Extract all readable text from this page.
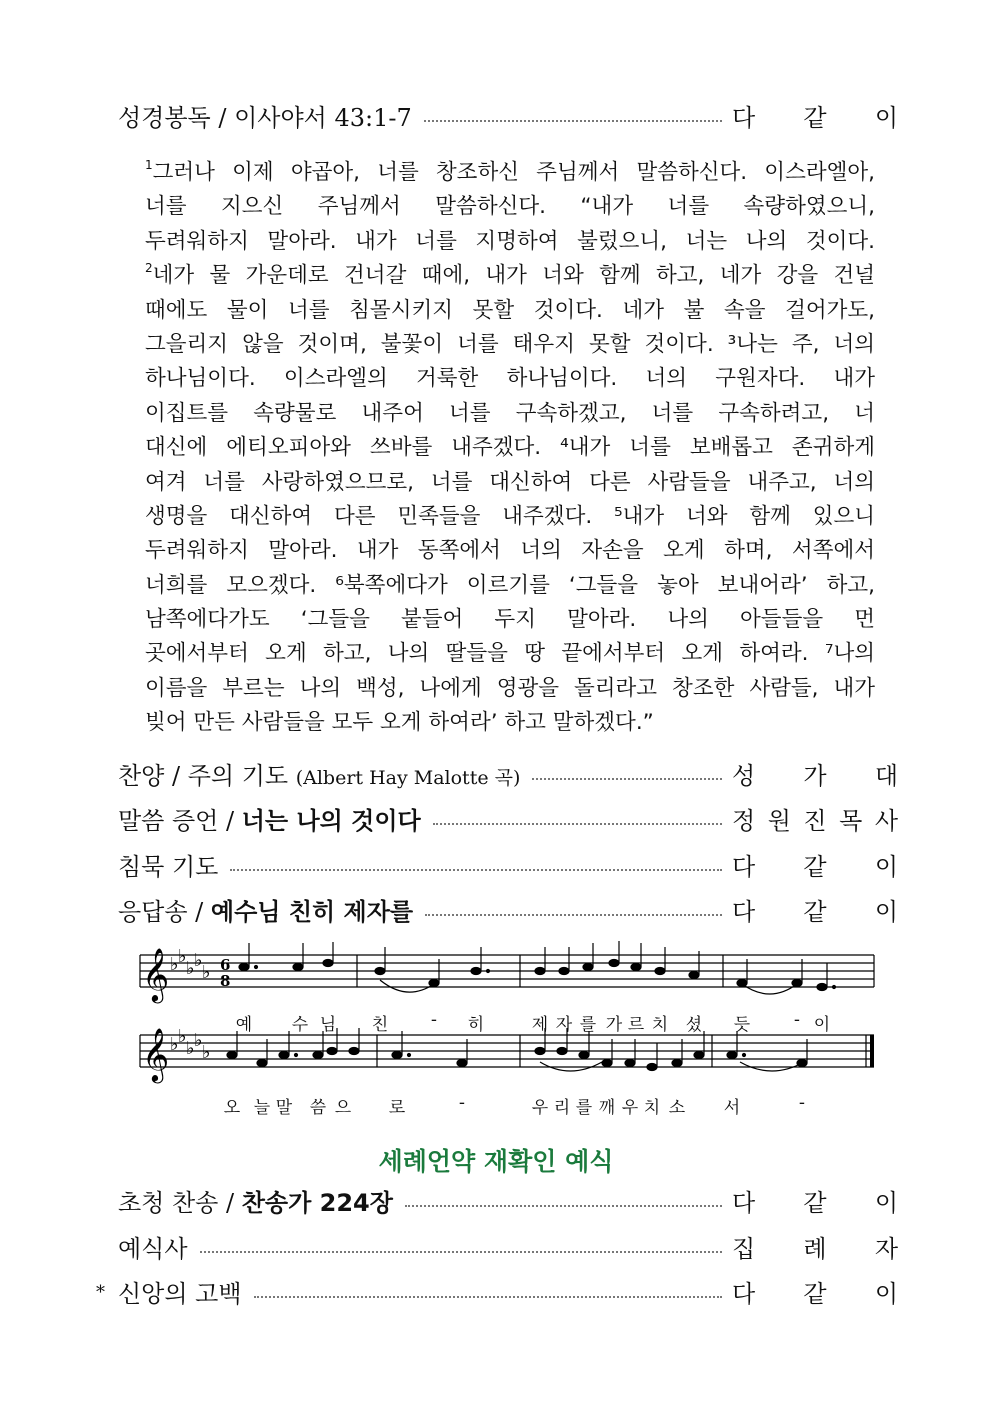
성경봉독 / 이사야서 43:1-7	다 같 이
$^1$그러나 이제 야곱아, 너를 창조하신 주님께서 말씀하신다. 이스라엘아,
너를 지으신 주님께서 말씀하신다. “내가 너를 속량하였으니,
두려워하지 말아라. 내가 너를 지명하여 불렀으니, 너는 나의 것이다.
$^2$네가 물 가운데로 건너갈 때에, 내가 너와 함께 하고, 네가 강을 건널
때에도 물이 너를 침몰시키지 못할 것이다. 네가 불 속을 걸어가도,
그을리지 않을 것이며, 불꽃이 너를 태우지 못할 것이다. ³나는 주, 너의
하나님이다. 이스라엘의 거룩한 하나님이다. 너의 구원자다. 내가
이집트를 속량물로 내주어 너를 구속하겠고, 너를 구속하려고, 너
대신에 에티오피아와 쓰바를 내주겠다. ⁴내가 너를 보배롭고 존귀하게
여겨 너를 사랑하였으므로, 너를 대신하여 다른 사람들을 내주고, 너의
생명을 대신하여 다른 민족들을 내주겠다. ⁵내가 너와 함께 있으니
두려워하지 말아라. 내가 동쪽에서 너의 자손을 오게 하며, 서쪽에서
너희를 모으겠다. ⁶북쪽에다가 이르기를 ‘그들을 놓아 보내어라’ 하고,
남쪽에다가도 ‘그들을 붙들어 두지 말아라. 나의 아들들을 먼
곳에서부터 오게 하고, 나의 딸들을 땅 끝에서부터 오게 하여라. ⁷나의
이름을 부르는 나의 백성, 나에게 영광을 돌리라고 창조한 사람들, 내가
빚어 만든 사람들을 모두 오게 하여라’ 하고 말하겠다.”
찬양 / 주의 기도 (Albert Hay Malotte 곡)	성 가 대
말씀 증언 / 너는 나의 것이다	정 원 진 목 사
침묵 기도	다 같 이
응답송 / 예수님 친히 제자를	다 같 이
𝄞
𝄞
♭ ♭
♭ ♭
♭
♭ ♭
♭ ♭
♭
6
8
예 수 님 친	- 히	제 자 를 가 르 치 셨 듯	- 이
오 늘 말 씀 으 로	-	우 리 를 깨 우 치 소 서	-
세례언약 재확인 예식
초청 찬송 / 찬송가 224장	다 같 이
예식사	집 례 자
* 신앙의 고백	다 같 이
